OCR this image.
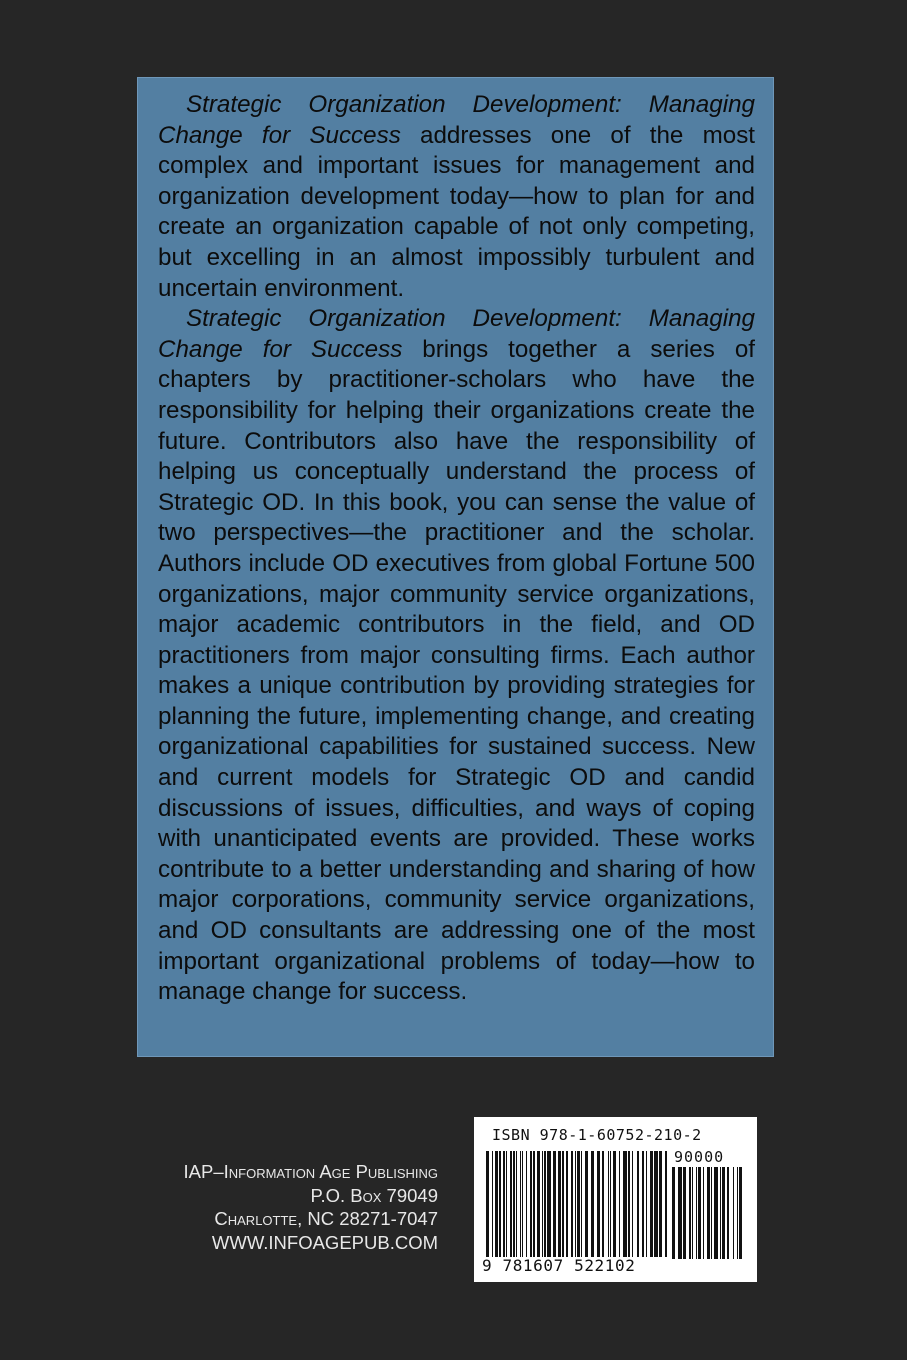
Strategic Organization Development: Managing Change for Success addresses one of the most complex and important issues for management and organization development today—how to plan for and create an organization capable of not only competing, but excelling in an almost impossibly turbulent and uncertain environment.

Strategic Organization Development: Managing Change for Success brings together a series of chapters by practitioner-scholars who have the responsibility for helping their organizations create the future. Contributors also have the responsibility of helping us conceptually understand the process of Strategic OD. In this book, you can sense the value of two perspectives—the practitioner and the scholar. Authors include OD executives from global Fortune 500 organizations, major community service organizations, major academic contributors in the field, and OD practitioners from major consulting firms. Each author makes a unique contribution by providing strategies for planning the future, implementing change, and creating organizational capabilities for sustained success. New and current models for Strategic OD and candid discussions of issues, difficulties, and ways of coping with unanticipated events are provided. These works contribute to a better understanding and sharing of how major corporations, community service organizations, and OD consultants are addressing one of the most important organizational problems of today—how to manage change for success.

IAP–Information Age Publishing
P.O. Box 79049
Charlotte, NC 28271-7047
WWW.INFOAGEPUB.COM
ISBN 978-1-60752-210-2
90000
9 781607 522102
